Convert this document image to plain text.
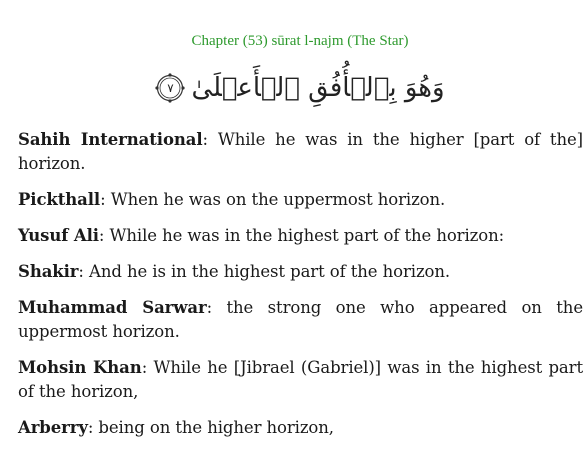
Chapter (53) sūrat l-najm (The Star)
٧ وَهُوَ بِٱلۡأُفُقِ ٱلۡأَعۡلَىٰ

Sahih International: While he was in the higher [part of the] horizon.

Pickthall: When he was on the uppermost horizon.

Yusuf Ali: While he was in the highest part of the horizon:

Shakir: And he is in the highest part of the horizon.

Muhammad Sarwar: the strong one who appeared on the uppermost horizon.

Mohsin Khan: While he [Jibrael (Gabriel)] was in the highest part of the horizon,

Arberry: being on the higher horizon,
